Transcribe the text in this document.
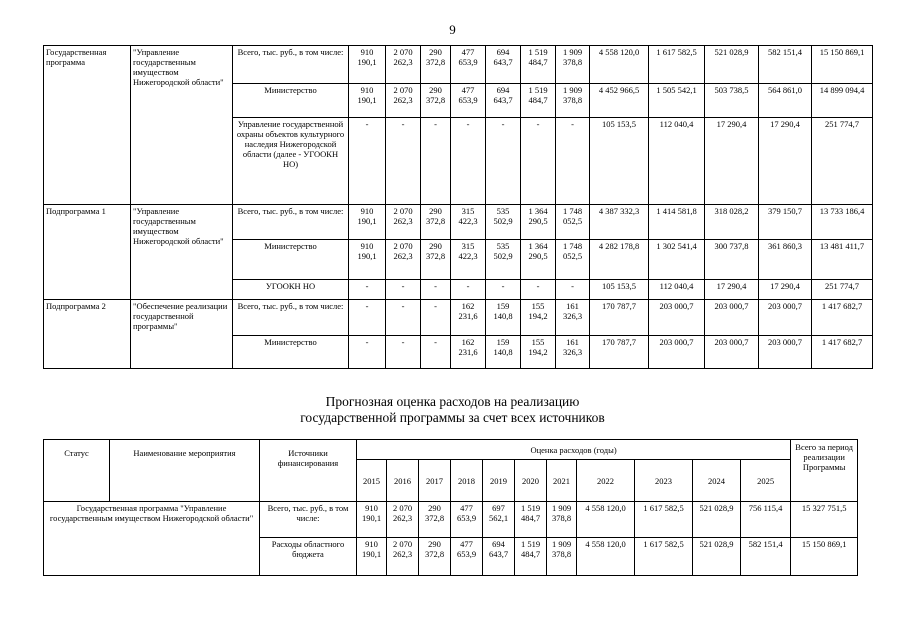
9
Государственная программа	"Управление государственным имуществом Нижегородской области"	Всего, тыс. руб., в том числе:	910 190,1	2 070 262,3	290 372,8	477 653,9	694 643,7	1 519 484,7	1 909 378,8	4 558 120,0	1 617 582,5	521 028,9	582 151,4	15 150 869,1
		Министерство	910 190,1	2 070 262,3	290 372,8	477 653,9	694 643,7	1 519 484,7	1 909 378,8	4 452 966,5	1 505 542,1	503 738,5	564 861,0	14 899 094,4
		Управление государственной охраны объектов культурного наследия Нижегородской области (далее - УГООКН НО)	-	-	-	-	-	-	-	105 153,5	112 040,4	17 290,4	17 290,4	251 774,7
Подпрограмма 1	"Управление государственным имуществом Нижегородской области"	Всего, тыс. руб., в том числе:	910 190,1	2 070 262,3	290 372,8	315 422,3	535 502,9	1 364 290,5	1 748 052,5	4 387 332,3	1 414 581,8	318 028,2	379 150,7	13 733 186,4
		Министерство	910 190,1	2 070 262,3	290 372,8	315 422,3	535 502,9	1 364 290,5	1 748 052,5	4 282 178,8	1 302 541,4	300 737,8	361 860,3	13 481 411,7
		УГООКН НО	-	-	-	-	-	-	-	105 153,5	112 040,4	17 290,4	17 290,4	251 774,7
Подпрограмма 2	"Обеспечение реализации государственной программы"	Всего, тыс. руб., в том числе:	-	-	-	162 231,6	159 140,8	155 194,2	161 326,3	170 787,7	203 000,7	203 000,7	203 000,7	1 417 682,7
		Министерство	-	-	-	162 231,6	159 140,8	155 194,2	161 326,3	170 787,7	203 000,7	203 000,7	203 000,7	1 417 682,7
Прогнозная оценка расходов на реализацию
государственной программы за счет всех источников
Статус	Наименование мероприятия	Источники финансирования	Оценка расходов (годы)											Всего за период реализации Программы
			2015	2016	2017	2018	2019	2020	2021	2022	2023	2024	2025	
Государственная программа "Управление государственным имуществом Нижегородской области"		Всего, тыс. руб., в том числе:	910 190,1	2 070 262,3	290 372,8	477 653,9	697 562,1	1 519 484,7	1 909 378,8	4 558 120,0	1 617 582,5	521 028,9	756 115,4	15 327 751,5
		Расходы областного бюджета	910 190,1	2 070 262,3	290 372,8	477 653,9	694 643,7	1 519 484,7	1 909 378,8	4 558 120,0	1 617 582,5	521 028,9	582 151,4	15 150 869,1
